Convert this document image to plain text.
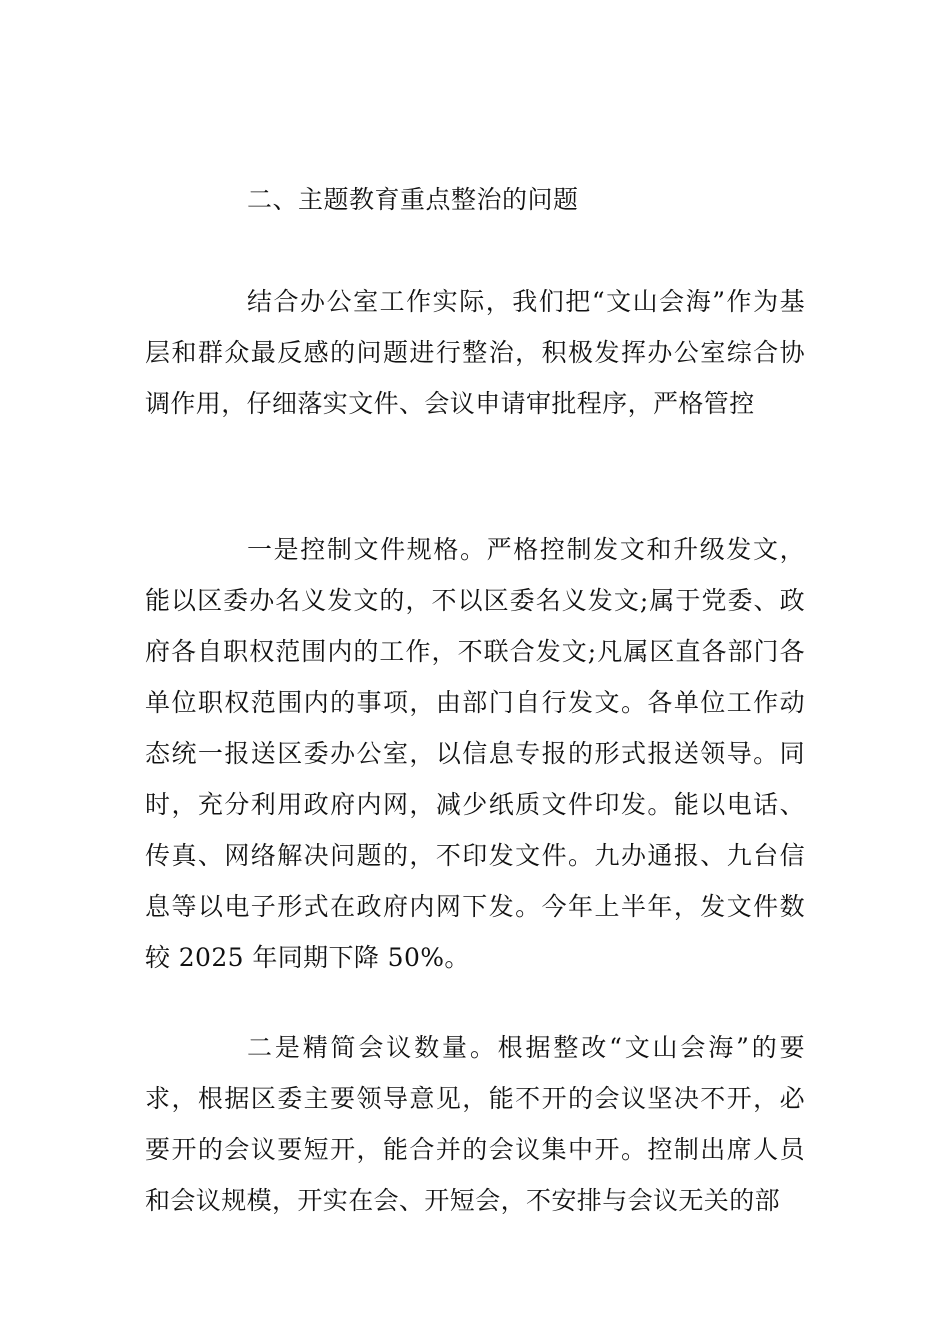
二、主题教育重点整治的问题

结合办公室工作实际，我们把“文山会海”作为基层和群众最反感的问题进行整治，积极发挥办公室综合协调作用，仔细落实文件、会议申请审批程序，严格管控

一是控制文件规格。严格控制发文和升级发文，能以区委办名义发文的，不以区委名义发文;属于党委、政府各自职权范围内的工作，不联合发文;凡属区直各部门各单位职权范围内的事项，由部门自行发文。各单位工作动态统一报送区委办公室，以信息专报的形式报送领导。同时，充分利用政府内网，减少纸质文件印发。能以电话、传真、网络解决问题的，不印发文件。九办通报、九台信息等以电子形式在政府内网下发。今年上半年，发文件数较 2025 年同期下降 50%。

二是精简会议数量。根据整改“文山会海”的要求，根据区委主要领导意见，能不开的会议坚决不开，必要开的会议要短开，能合并的会议集中开。控制出席人员和会议规模，开实在会、开短会，不安排与会议无关的部
